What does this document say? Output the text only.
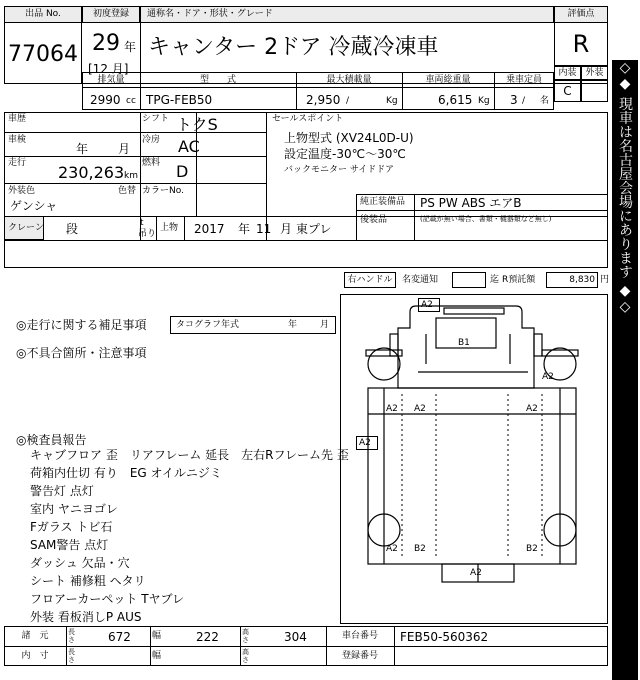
出品 No.
77064
初度登録
29 年
[12 月]
通称名・ドア・形状・グレード
キャンター 2ドア 冷蔵冷凍車
評価点
R
内装 外装
C
排気量
2990 cc
型　　式
TPG-FEB50
最大積載量
2,950 /	Kg
車両総重量
6,615 Kg
乗車定員
3 / 名
車歴	シフト トクS
車検
年 月
冷房 AC
走行 230,263 km
燃料 D
外装色
ゲンシャ
色替 カラーNo.
クレーン 段	t
吊り
上物 2017 年 11 月 東プレ
セールスポイント
上物型式 (XV24L0D-U)
設定温度-30℃～30℃
バックモニター サイドドア
純正装備品 PS PW ABS エアB
後装品	(記載が無い場合、書類・機器類など無し)
右ハンドル 名変通知	迄 R預託額	8,830 円
◎走行に関する補足事項	タコグラフ年式	年	月
◎不具合箇所・注意事項
◎検査員報告
キャブフロア 歪　リアフレーム 延長　左右Rフレーム先 歪
荷箱内仕切 有り　EG オイルニジミ
警告灯 点灯
室内 ヤニヨゴレ
Fガラス トビ石
SAM警告 点灯
ダッシュ 欠品・穴
シート 補修粗 ヘタリ
フロアーカーペット Tヤブレ
外装 看板消しP AUS
A2
B1
A2
A2 A2
A2
B2	B2
A2
A2
A2
諸　元	長さ	672 幅	222	高さ	304	車台番号	FEB50-560362
内　寸	長さ	幅	高さ	登録番号
◇◆ 現車は名古屋会場にあります ◆◇
